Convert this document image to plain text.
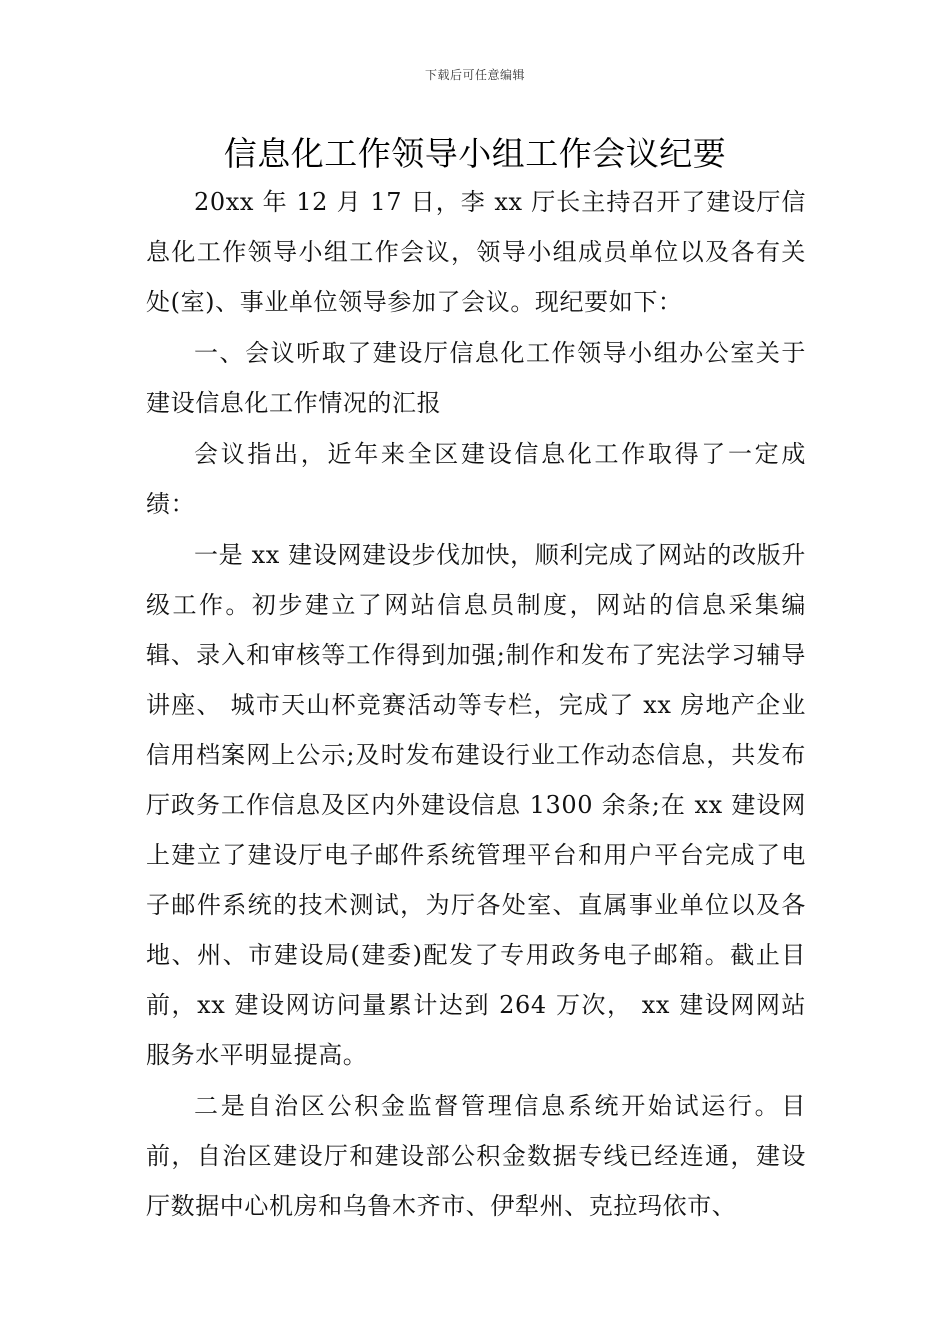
下载后可任意编辑
信息化工作领导小组工作会议纪要

20xx 年 12 月 17 日，李 xx 厅长主持召开了建设厅信息化工作领导小组工作会议，领导小组成员单位以及各有关处(室)、事业单位领导参加了会议。现纪要如下：

一、会议听取了建设厅信息化工作领导小组办公室关于建设信息化工作情况的汇报

会议指出，近年来全区建设信息化工作取得了一定成绩：

一是 xx 建设网建设步伐加快，顺利完成了网站的改版升级工作。初步建立了网站信息员制度，网站的信息采集编辑、录入和审核等工作得到加强;制作和发布了宪法学习辅导讲座、 城市天山杯竞赛活动等专栏，完成了 xx 房地产企业信用档案网上公示;及时发布建设行业工作动态信息，共发布厅政务工作信息及区内外建设信息 1300 余条;在 xx 建设网上建立了建设厅电子邮件系统管理平台和用户平台完成了电子邮件系统的技术测试，为厅各处室、直属事业单位以及各地、州、市建设局(建委)配发了专用政务电子邮箱。截止目前，xx 建设网访问量累计达到 264 万次， xx 建设网网站服务水平明显提高。

二是自治区公积金监督管理信息系统开始试运行。目前，自治区建设厅和建设部公积金数据专线已经连通，建设厅数据中心机房和乌鲁木齐市、伊犁州、克拉玛依市、
